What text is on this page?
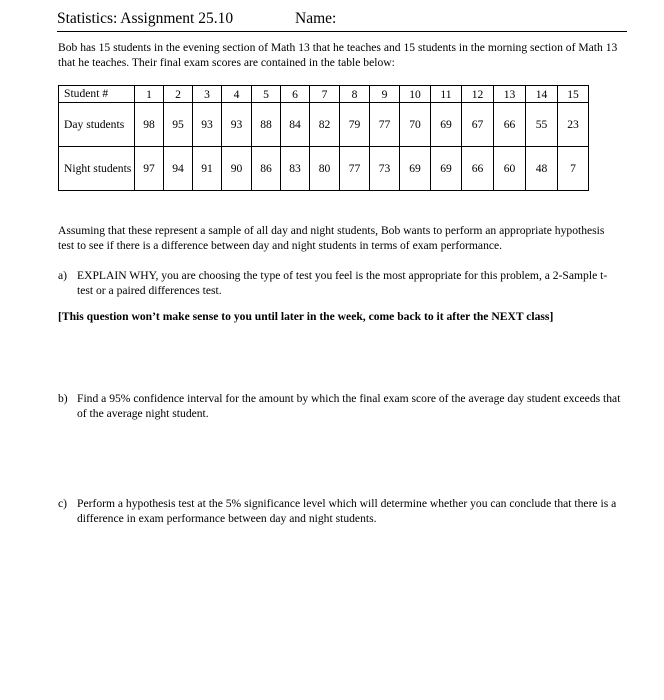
Statistics: Assignment 25.10	Name:
Bob has 15 students in the evening section of Math 13 that he teaches and 15 students in the morning section of Math 13 that he teaches. Their final exam scores are contained in the table below:
Student #	1	2	3	4	5	6	7	8	9	10	11	12	13	14	15
Day students	98	95	93	93	88	84	82	79	77	70	69	67	66	55	23
Night students	97	94	91	90	86	83	80	77	73	69	69	66	60	48	7
Assuming that these represent a sample of all day and night students, Bob wants to perform an appropriate hypothesis test to see if there is a difference between day and night students in terms of exam performance.
a) EXPLAIN WHY, you are choosing the type of test you feel is the most appropriate for this problem, a 2-Sample t-test or a paired differences test.
[This question won’t make sense to you until later in the week, come back to it after the NEXT class]
b) Find a 95% confidence interval for the amount by which the final exam score of the average day student exceeds that of the average night student.
c) Perform a hypothesis test at the 5% significance level which will determine whether you can conclude that there is a difference in exam performance between day and night students.
